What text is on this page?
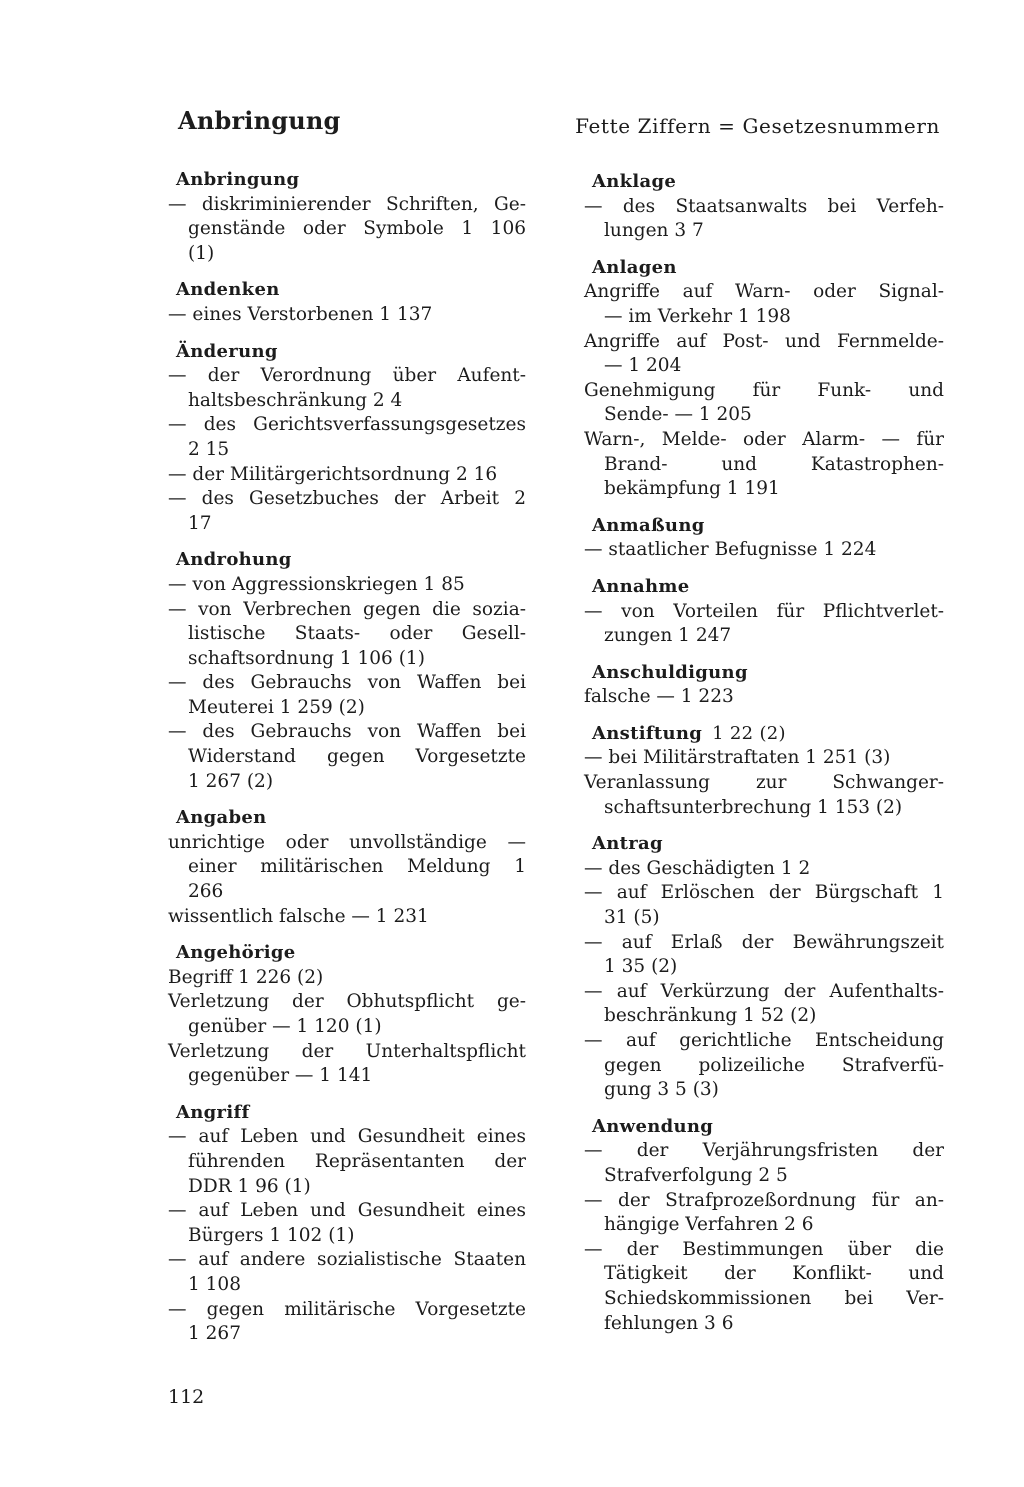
Anbringung	Fette Ziffern = Gesetzesnummern
Anbringung
— diskriminierender Schriften, Ge-
genstände oder Symbole 1 106
(1)
Andenken
— eines Verstorbenen 1 137
Änderung
— der Verordnung über Aufent-
haltsbeschränkung 2 4
— des Gerichtsverfassungsgesetzes
2 15
— der Militärgerichtsordnung 2 16
— des Gesetzbuches der Arbeit 2
17
Androhung
— von Aggressionskriegen 1 85
— von Verbrechen gegen die sozia-
listische Staats- oder Gesell-
schaftsordnung 1 106 (1)
— des Gebrauchs von Waffen bei
Meuterei 1 259 (2)
— des Gebrauchs von Waffen bei
Widerstand gegen Vorgesetzte
1 267 (2)
Angaben
unrichtige oder unvollständige —
einer militärischen Meldung 1
266
wissentlich falsche — 1 231
Angehörige
Begriff 1 226 (2)
Verletzung der Obhutspflicht ge-
genüber — 1 120 (1)
Verletzung der Unterhaltspflicht
gegenüber — 1 141
Angriff
— auf Leben und Gesundheit eines
führenden Repräsentanten der
DDR 1 96 (1)
— auf Leben und Gesundheit eines
Bürgers 1 102 (1)
— auf andere sozialistische Staaten
1 108
— gegen militärische Vorgesetzte
1 267
Anklage
— des Staatsanwalts bei Verfeh-
lungen 3 7
Anlagen
Angriffe auf Warn- oder Signal-
— im Verkehr 1 198
Angriffe auf Post- und Fernmelde-
— 1 204
Genehmigung für Funk- und
Sende- — 1 205
Warn-, Melde- oder Alarm- — für
Brand- und Katastrophen-
bekämpfung 1 191
Anmaßung
— staatlicher Befugnisse 1 224
Annahme
— von Vorteilen für Pflichtverlet-
zungen 1 247
Anschuldigung
falsche — 1 223
Anstiftung 1 22 (2)
— bei Militärstraftaten 1 251 (3)
Veranlassung zur Schwanger-
schaftsunterbrechung 1 153 (2)
Antrag
— des Geschädigten 1 2
— auf Erlöschen der Bürgschaft 1
31 (5)
— auf Erlaß der Bewährungszeit
1 35 (2)
— auf Verkürzung der Aufenthalts-
beschränkung 1 52 (2)
— auf gerichtliche Entscheidung
gegen polizeiliche Strafverfü-
gung 3 5 (3)
Anwendung
— der Verjährungsfristen der
Strafverfolgung 2 5
— der Strafprozeßordnung für an-
hängige Verfahren 2 6
— der Bestimmungen über die
Tätigkeit der Konflikt- und
Schiedskommissionen bei Ver-
fehlungen 3 6
112
